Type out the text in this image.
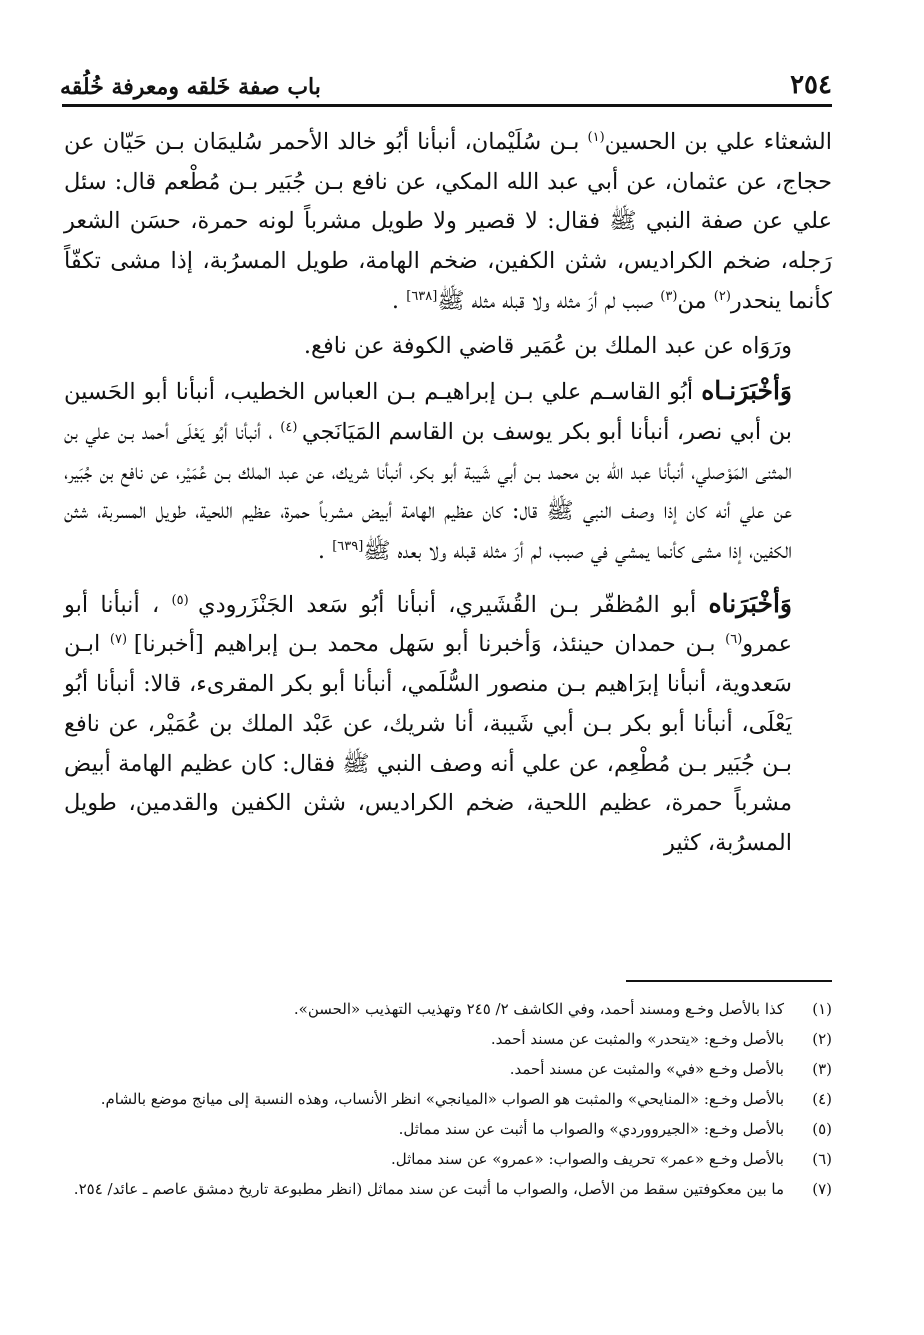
٢٥٤
باب صفة خَلقه ومعرفة خُلُقه

الشعثاء علي بن الحسين$^{(١)}$ بـن سُلَيْمان، أنبأنا أبُو خالد الأحمر سُليمَان بـن حَيّان عن حجاج، عن عثمان، عن أبي عبد الله المكي، عن نافع بـن جُبَير بـن مُطْعم قال: سئل علي عن صفة النبي ﷺ فقال: لا قصير ولا طويل مشرباً لونه حمرة، حسَن الشعر رَجله، ضخم الكراديس، شثن الكفين، ضخم الهامة، طويل المسرُبة، إذا مشى تكفّاً كأنما ينحدر$^{(٢)}$ من$^{(٣)}$ صبب لم أرَ مثله ولا قبله مثله ﷺ[٦٣٨] .

ورَوَاه عن عبد الملك بن عُمَير قاضي الكوفة عن نافع.

وَأخْبَرَنـاه أبُو القاسـم علي بـن إبراهيـم بـن العباس الخطيب، أنبأنا أبو الحَسين بن أبي نصر، أنبأنا أبو بكر يوسف بن القاسم المَيَانَجي $^{(٤)}$ ، أنبأنا أبُو يَعْلَى أحمد بـن علي بن المثنى المَوْصلي، أنبأنا عبد الله بن محمد بـن أبي شَيبة أبو بكر، أنبأنا شريك، عن عبد الملك بـن عُمَيْر، عن نافع بن جُبَير، عن علي أنه كان إذا وصف النبي ﷺ قال: كان عظيم الهامة أبيض مشرباً حمرة، عظيم اللحية، طويل المسربة، شثن الكفين، إذا مشى كأنما يمشي في صبب، لم أرَ مثله قبله ولا بعده ﷺ[٦٣٩] .

وَأخْبَرَناه أبو المُظفّر بـن القُشَيري، أنبأنا أبُو سَعد الجَنْزَرودي $^{(٥)}$ ، أنبأنا أبو عمرو$^{(٦)}$ بـن حمدان حينئذ، وَأخبرنا أبو سَهل محمد بـن إبراهيم [أخبرنا] $^{(٧)}$ ابـن سَعدوية، أنبأنا إبرَاهيم بـن منصور السُّلَمي، أنبأنا أبو بكر المقرىء، قالا: أنبأنا أبُو يَعْلَى، أنبأنا أبو بكر بـن أبي شَيبة، أنا شريك، عن عَبْد الملك بن عُمَيْر، عن نافع بـن جُبَير بـن مُطْعِم، عن علي أنه وصف النبي ﷺ فقال: كان عظيم الهامة أبيض مشرباً حمرة، عظيم اللحية، ضخم الكراديس، شثن الكفين والقدمين، طويل المسرُبة، كثير

(١)
كذا بالأصل وخـع ومسند أحمد، وفي الكاشف ٢/ ٢٤٥ وتهذيب التهذيب «الحسن».

(٢)
بالأصل وخـع: «يتحدر» والمثبت عن مسند أحمد.

(٣)
بالأصل وخـع «في» والمثبت عن مسند أحمد.

(٤)
بالأصل وخـع: «المنايحي» والمثبت هو الصواب «الميانجي» انظر الأنساب، وهذه النسبة إلى ميانج موضع بالشام.

(٥)
بالأصل وخـع: «الجيرووردي» والصواب ما أثبت عن سند مماثل.

(٦)
بالأصل وخـع «عمر» تحريف والصواب: «عمرو» عن سند مماثل.

(٧)
ما بين معكوفتين سقط من الأصل، والصواب ما أثبت عن سند مماثل (انظر مطبوعة تاريخ دمشق عاصم ـ عائد/ ٢٥٤.
